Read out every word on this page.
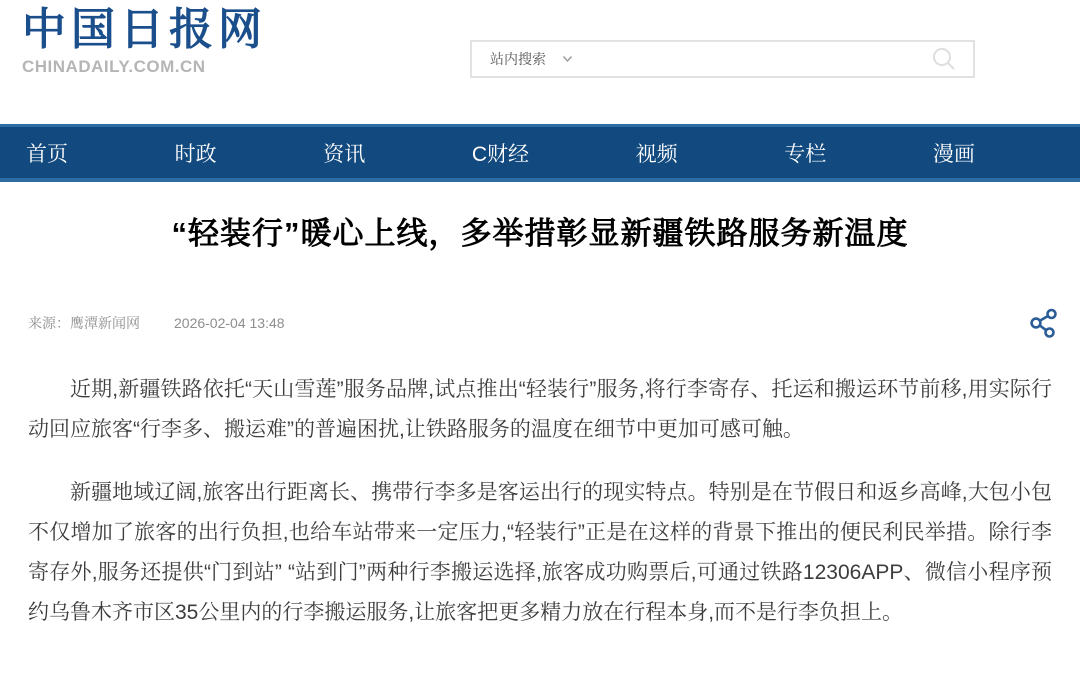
中国日报网
CHINADAILY.COM.CN	站内搜索
首页	时政	资讯	C财经	视频	专栏	漫画
“轻装行”暖心上线，多举措彰显新疆铁路服务新温度
来源：鹰潭新闻网 2026-02-04 13:48

近期,新疆铁路依托“天山雪莲”服务品牌,试点推出“轻装行”服务,将行李寄存、托运和搬运环节前移,用实际行动回应旅客“行李多、搬运难”的普遍困扰,让铁路服务的温度在细节中更加可感可触。

新疆地域辽阔,旅客出行距离长、携带行李多是客运出行的现实特点。特别是在节假日和返乡高峰,大包小包不仅增加了旅客的出行负担,也给车站带来一定压力,“轻装行”正是在这样的背景下推出的便民利民举措。除行李寄存外,服务还提供“门到站” “站到门”两种行李搬运选择,旅客成功购票后,可通过铁路12306APP、微信小程序预约乌鲁木齐市区35公里内的行李搬运服务,让旅客把更多精力放在行程本身,而不是行李负担上。
